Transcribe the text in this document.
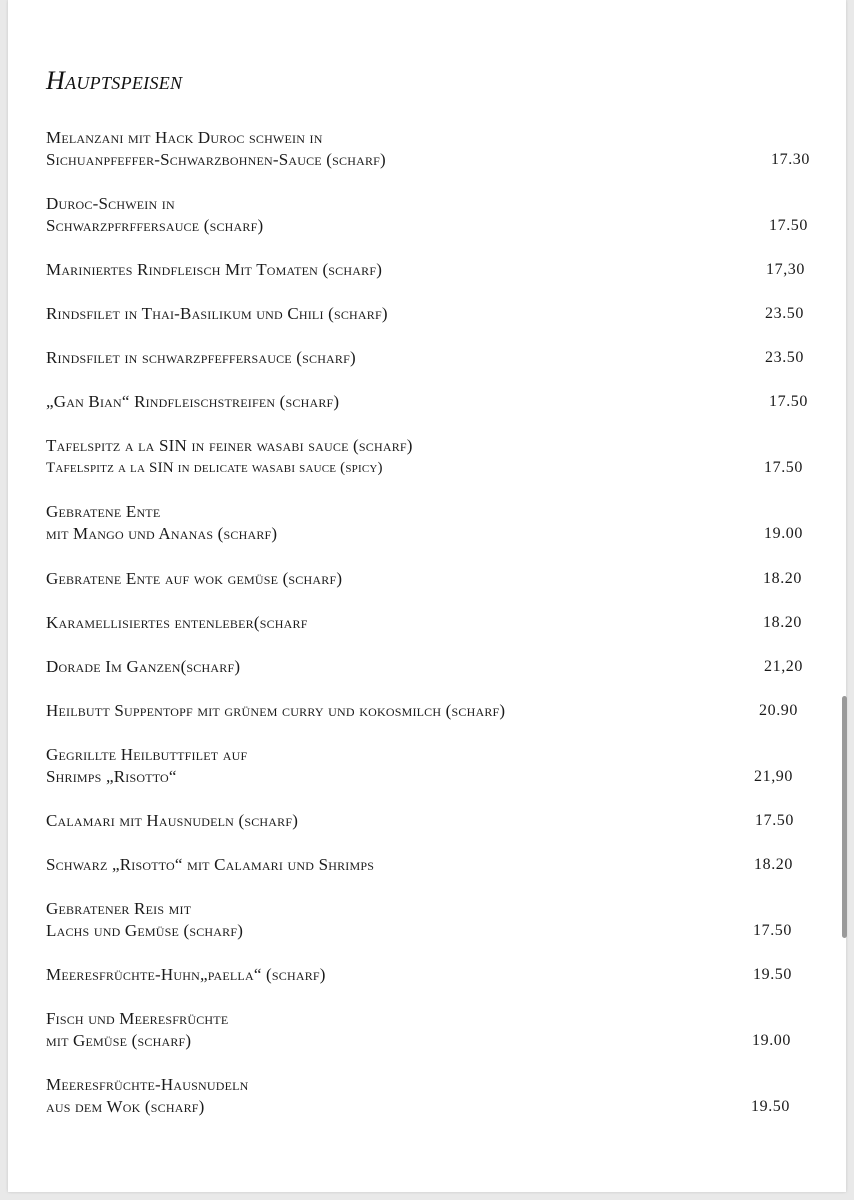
Hauptspeisen
Melanzani mit Hack Duroc schwein in
Sichuanpfeffer-Schwarzbohnen-Sauce (scharf)	17.30
Duroc-Schwein in
Schwarzpfrffersauce (scharf)	17.50
Mariniertes Rindfleisch Mit Tomaten (scharf)	17,30
Rindsfilet in Thai-Basilikum und Chili (scharf)	23.50
Rindsfilet in schwarzpfeffersauce (scharf)	23.50
„Gan Bian“ Rindfleischstreifen (scharf)	17.50
Tafelspitz a la SIN in feiner wasabi sauce (scharf)
Tafelspitz a la SIN in delicate wasabi sauce (spicy)	17.50
Gebratene Ente
mit Mango und Ananas (scharf)	19.00
Gebratene Ente auf wok gemüse (scharf)	18.20
Karamellisiertes entenleber(scharf	18.20
Dorade Im Ganzen(scharf)	21,20
Heilbutt Suppentopf mit grünem curry und kokosmilch (scharf)	20.90
Gegrillte Heilbuttfilet auf
Shrimps „Risotto“	21,90
Calamari mit Hausnudeln (scharf)	17.50
Schwarz „Risotto“ mit Calamari und Shrimps	18.20
Gebratener Reis mit
Lachs und Gemüse (scharf)	17.50
Meeresfrüchte-Huhn„paella“ (scharf)	19.50
Fisch und Meeresfrüchte
mit Gemüse (scharf)	19.00
Meeresfrüchte-Hausnudeln
aus dem Wok (scharf)	19.50
